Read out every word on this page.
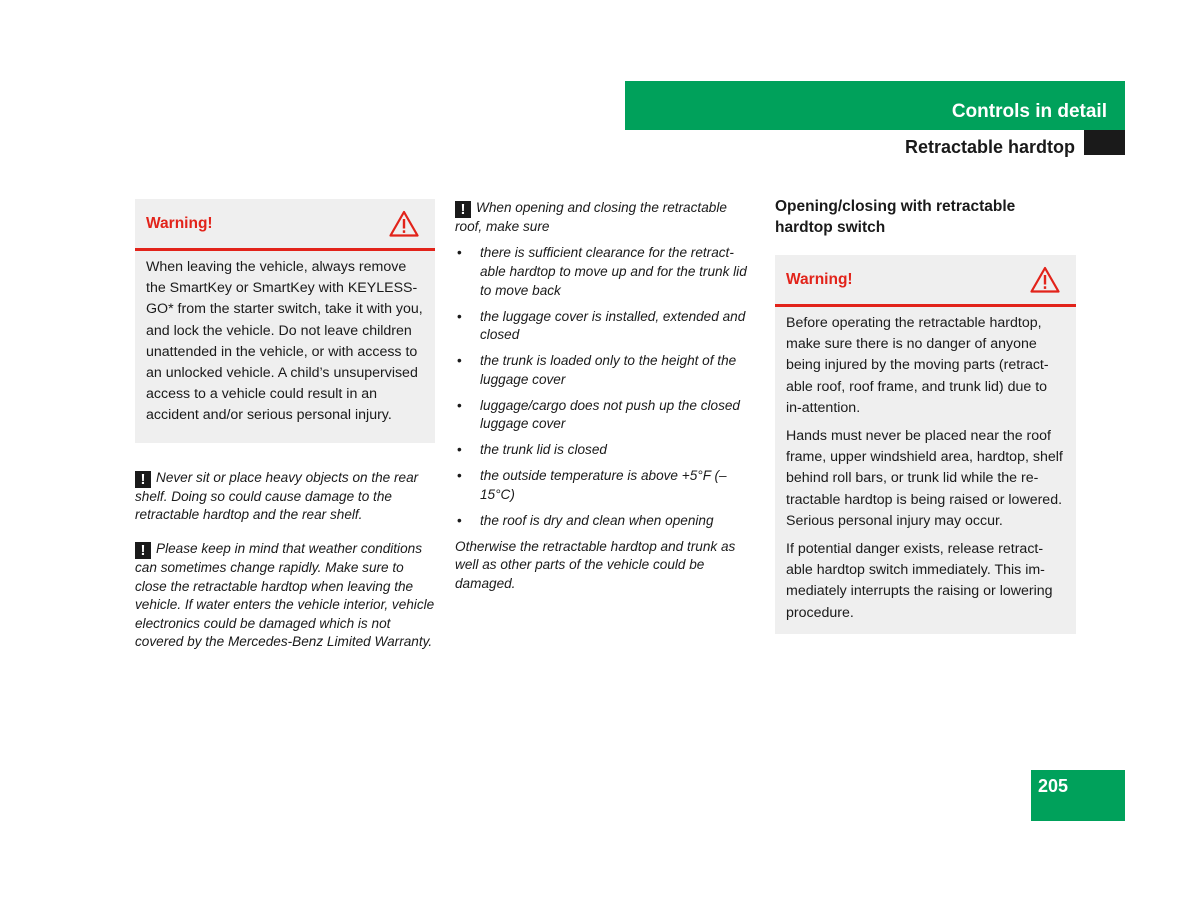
Controls in detail
Retractable hardtop
Warning!

When leaving the vehicle, always remove the SmartKey or SmartKey with KEYLESS-GO* from the starter switch, take it with you, and lock the vehicle. Do not leave children unattended in the vehicle, or with access to an unlocked vehicle. A child’s unsupervised access to a vehicle could result in an accident and/or serious personal injury.

! Never sit or place heavy objects on the rear shelf. Doing so could cause damage to the retractable hardtop and the rear shelf.

! Please keep in mind that weather conditions can sometimes change rapidly. Make sure to close the retractable hardtop when leaving the vehicle. If water enters the vehicle interior, vehicle electronics could be damaged which is not covered by the Mercedes-Benz Limited Warranty.

! When opening and closing the retractable roof, make sure

• there is sufficient clearance for the retract-able hardtop to move up and for the trunk lid to move back
• the luggage cover is installed, extended and closed
• the trunk is loaded only to the height of the luggage cover
• luggage/cargo does not push up the closed luggage cover
• the trunk lid is closed
• the outside temperature is above +5°F (–15°C)
• the roof is dry and clean when opening

Otherwise the retractable hardtop and trunk as well as other parts of the vehicle could be damaged.

Opening/closing with retractable hardtop switch
Warning!

Before operating the retractable hardtop, make sure there is no danger of anyone being injured by the moving parts (retract-able roof, roof frame, and trunk lid) due to in-attention.

Hands must never be placed near the roof frame, upper windshield area, hardtop, shelf behind roll bars, or trunk lid while the re-tractable hardtop is being raised or lowered. Serious personal injury may occur.

If potential danger exists, release retract-able hardtop switch immediately. This im-mediately interrupts the raising or lowering procedure.

205
